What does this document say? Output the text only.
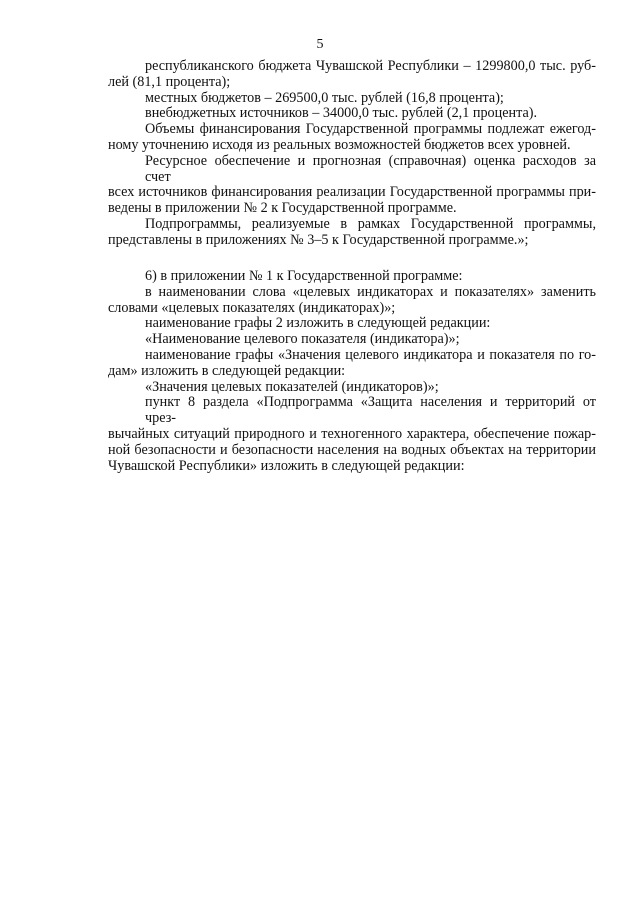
5
республиканского бюджета Чувашской Республики – 1299800,0 тыс. руб-
лей (81,1 процента);
местных бюджетов – 269500,0 тыс. рублей (16,8 процента);
внебюджетных источников – 34000,0 тыс. рублей (2,1 процента).
Объемы финансирования Государственной программы подлежат ежегод-
ному уточнению исходя из реальных возможностей бюджетов всех уровней.
Ресурсное обеспечение и прогнозная (справочная) оценка расходов за счет
всех источников финансирования реализации Государственной программы при-
ведены в приложении № 2 к Государственной программе.
Подпрограммы, реализуемые в рамках Государственной программы,
представлены в приложениях № 3–5 к Государственной программе.»;
6) в приложении № 1 к Государственной программе:
в наименовании слова «целевых индикаторах и показателях» заменить
словами «целевых показателях (индикаторах)»;
наименование графы 2 изложить в следующей редакции:
«Наименование целевого показателя (индикатора)»;
наименование графы «Значения целевого индикатора и показателя по го-
дам» изложить в следующей редакции:
«Значения целевых показателей (индикаторов)»;
пункт 8 раздела «Подпрограмма «Защита населения и территорий от чрез-
вычайных ситуаций природного и техногенного характера, обеспечение пожар-
ной безопасности и безопасности населения на водных объектах на территории
Чувашской Республики» изложить в следующей редакции:
